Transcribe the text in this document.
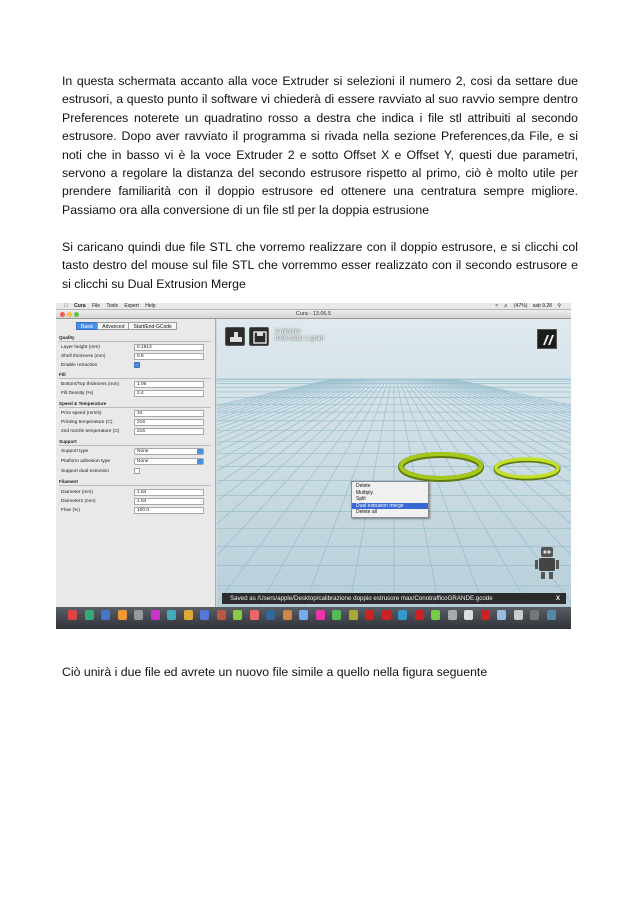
In questa schermata accanto alla voce Extruder si selezioni il numero 2, cosi da settare due estrusori, a questo punto il software vi chiederà di essere ravviato al suo ravvio sempre dentro Preferences noterete un quadratino rosso a destra che indica i file stl attribuiti al secondo estrusore. Dopo aver ravviato il programma si rivada nella sezione Preferences,da File, e si noti che in basso vi è la voce Extruder 2 e sotto Offset X e Offset Y, questi due parametri, servono a regolare la distanza del secondo estrusore rispetto al primo, ciò è molto utile per prendere familiarità con il doppio estrusore ed ottenere una centratura sempre migliore. Passiamo ora alla conversione di un file stl per la doppia estrusione
Si caricano quindi due file STL che vorremo realizzare con il doppio estrusore, e si clicchi col tasto destro del mouse sul file STL che vorremmo esser realizzato con il secondo estrusore e si clicchi su Dual Extrusion Merge
Cura File Tools Expert Help	≈ ♬ (47%) sab 9.28 ⚲
Cura - 13.06.5
Basic	Advanced	Start/End-GCode
Quality
Layer height (mm)	0.1813
Shell thickness (mm)	0.8
Enable retraction
Fill
Bottom/Top thickness (mm)	1.06
Fill Density (%)	2.4
Speed & Temperature
Print speed (mm/s)	34
Printing temperature (C)	216
2nd nozzle temperature (C)	216
Support
Support type	None
Platform adhesion type	None
Support dual extrusion
Filament
Diameter (mm)	1.64
Diameter2 (mm)	1.64
Flow (%)	100.0
2 minutes
0.06 meter 1 gram
Delete
Multiply
Split
Dual extrusion merge
Delete all
Saved as /Users/apple/Desktop/calibrazione doppio estrusore max/ConotrafficoGRANDE.gcode	X
Ciò unirà i due file ed avrete un nuovo file simile a quello nella figura seguente
